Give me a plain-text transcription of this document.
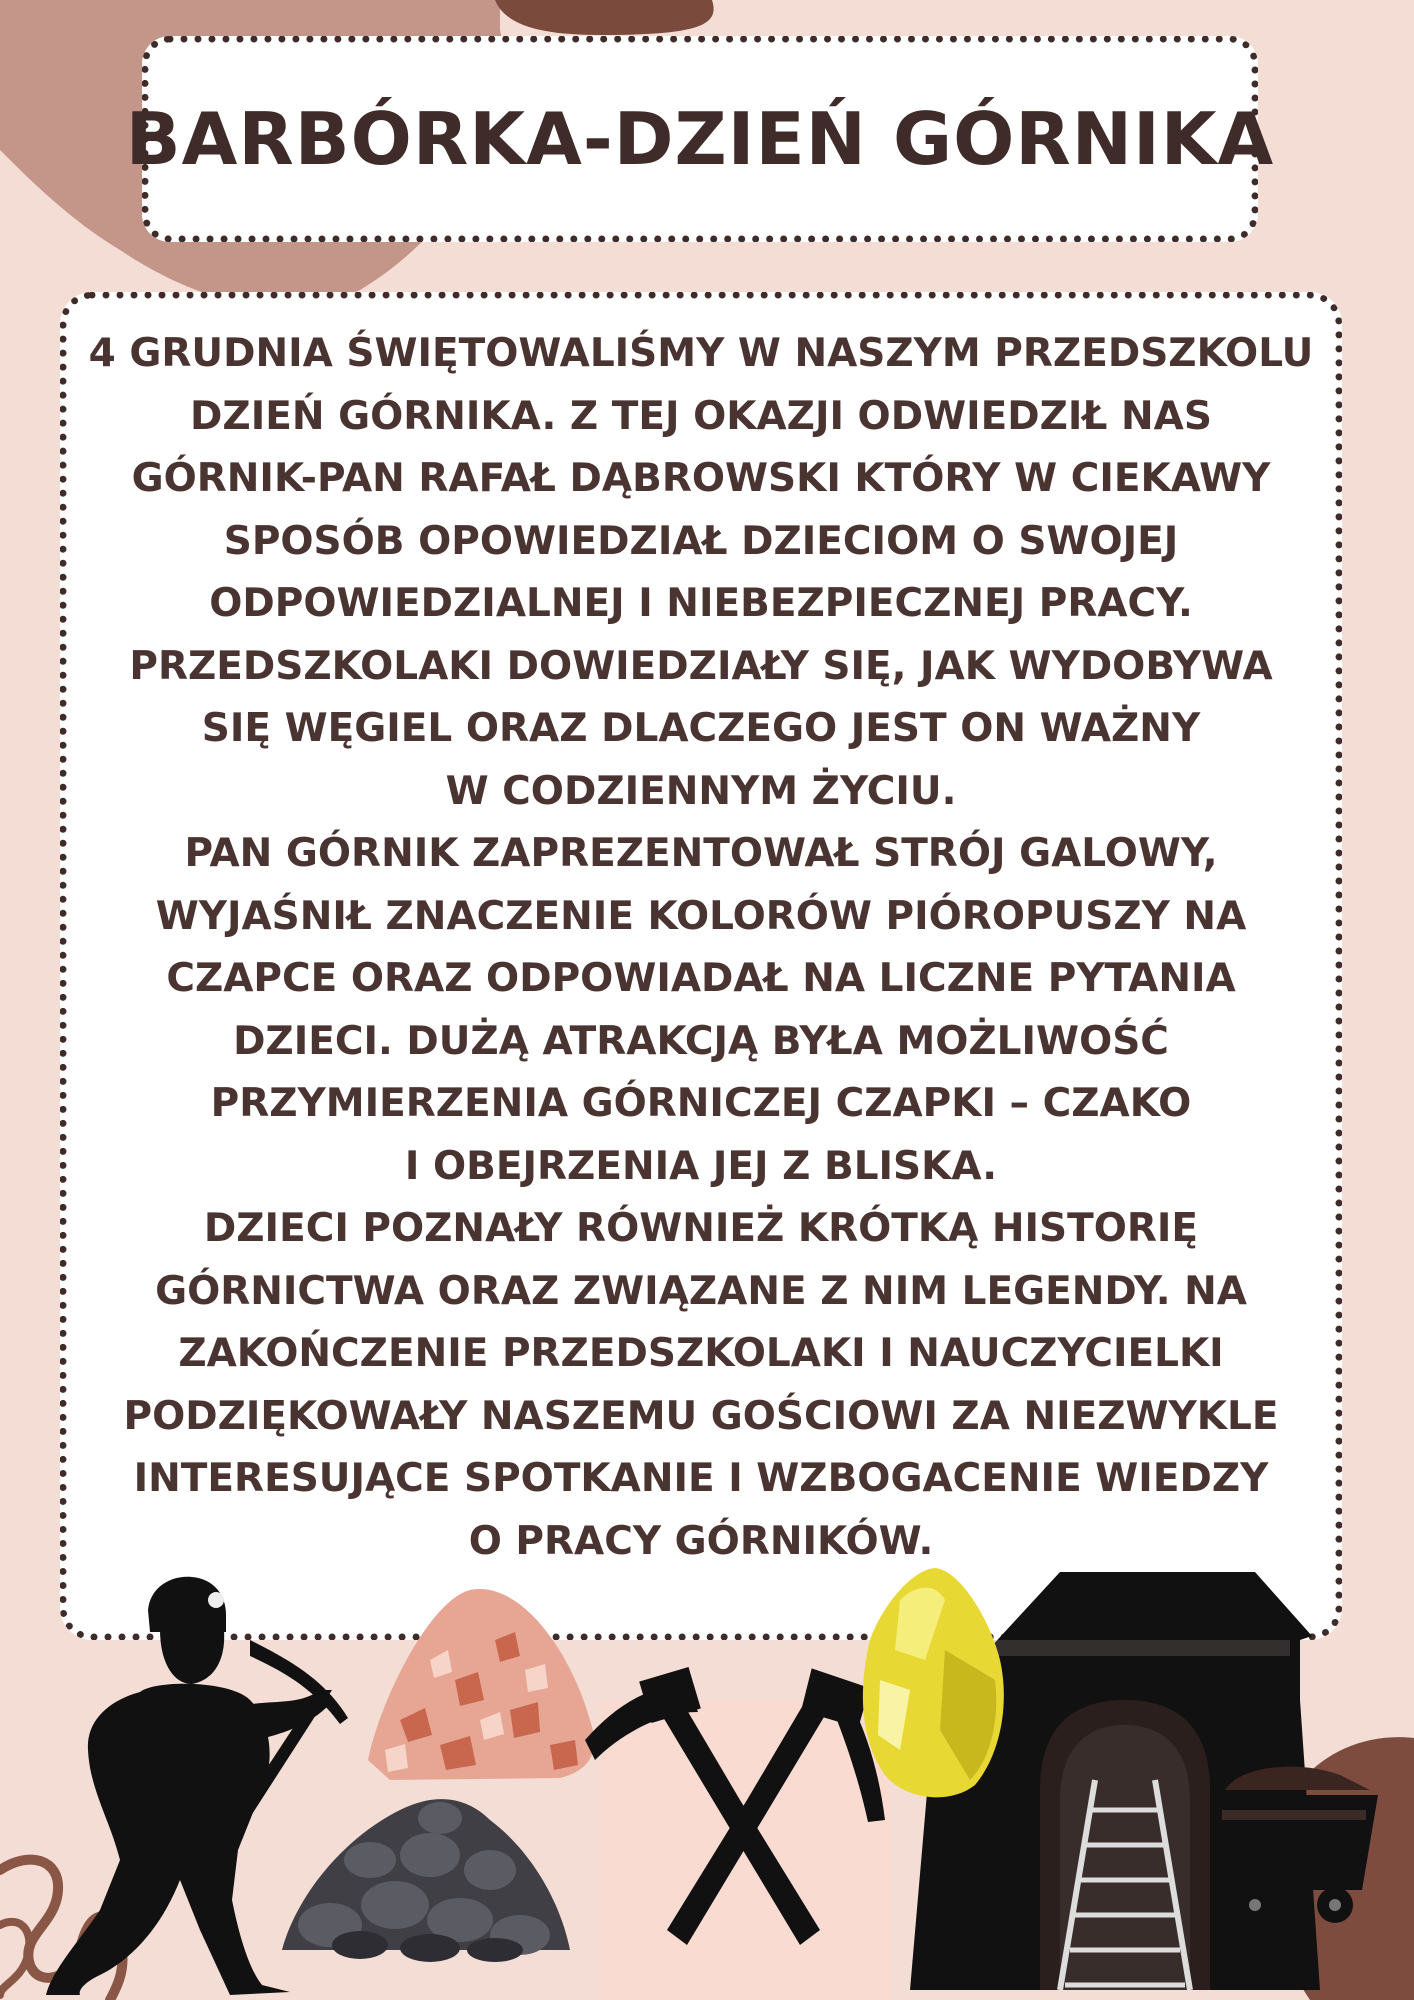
BARBÓRKA-DZIEŃ GÓRNIKA

4 GRUDNIA ŚWIĘTOWALIŚMY W NASZYM PRZEDSZKOLU
DZIEŃ GÓRNIKA. Z TEJ OKAZJI ODWIEDZIŁ NAS
GÓRNIK-PAN RAFAŁ DĄBROWSKI KTÓRY W CIEKAWY
SPOSÓB OPOWIEDZIAŁ DZIECIOM O SWOJEJ
ODPOWIEDZIALNEJ I NIEBEZPIECZNEJ PRACY.
PRZEDSZKOLAKI DOWIEDZIAŁY SIĘ, JAK WYDOBYWA
SIĘ WĘGIEL ORAZ DLACZEGO JEST ON WAŻNY
W CODZIENNYM ŻYCIU.
PAN GÓRNIK ZAPREZENTOWAŁ STRÓJ GALOWY,
WYJAŚNIŁ ZNACZENIE KOLORÓW PIÓROPUSZY NA
CZAPCE ORAZ ODPOWIADAŁ NA LICZNE PYTANIA
DZIECI. DUŻĄ ATRAKCJĄ BYŁA MOŻLIWOŚĆ
PRZYMIERZENIA GÓRNICZEJ CZAPKI – CZAKO
I OBEJRZENIA JEJ Z BLISKA.
DZIECI POZNAŁY RÓWNIEŻ KRÓTKĄ HISTORIĘ
GÓRNICTWA ORAZ ZWIĄZANE Z NIM LEGENDY. NA
ZAKOŃCZENIE PRZEDSZKOLAKI I NAUCZYCIELKI
PODZIĘKOWAŁY NASZEMU GOŚCIOWI ZA NIEZWYKLE
INTERESUJĄCE SPOTKANIE I WZBOGACENIE WIEDZY
O PRACY GÓRNIKÓW.
